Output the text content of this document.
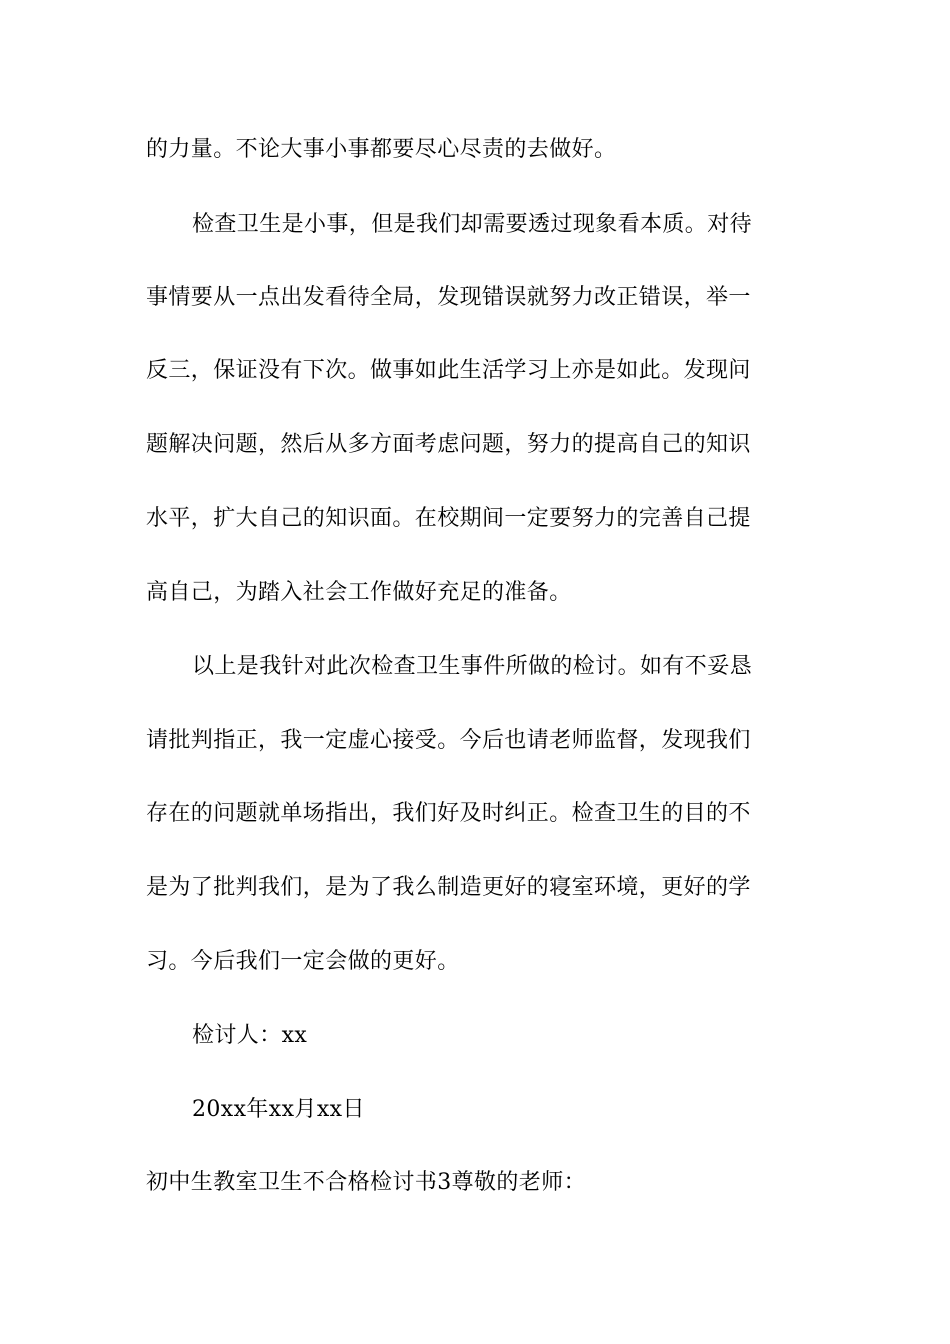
的力量。不论大事小事都要尽心尽责的去做好。
检查卫生是小事，但是我们却需要透过现象看本质。对待
事情要从一点出发看待全局，发现错误就努力改正错误，举一
反三，保证没有下次。做事如此生活学习上亦是如此。发现问
题解决问题，然后从多方面考虑问题，努力的提高自己的知识
水平，扩大自己的知识面。在校期间一定要努力的完善自己提
高自己，为踏入社会工作做好充足的准备。
以上是我针对此次检查卫生事件所做的检讨。如有不妥恳
请批判指正，我一定虚心接受。今后也请老师监督，发现我们
存在的问题就单场指出，我们好及时纠正。检查卫生的目的不
是为了批判我们，是为了我么制造更好的寝室环境，更好的学
习。今后我们一定会做的更好。
检讨人：xx
20xx年xx月xx日
初中生教室卫生不合格检讨书3尊敬的老师：
